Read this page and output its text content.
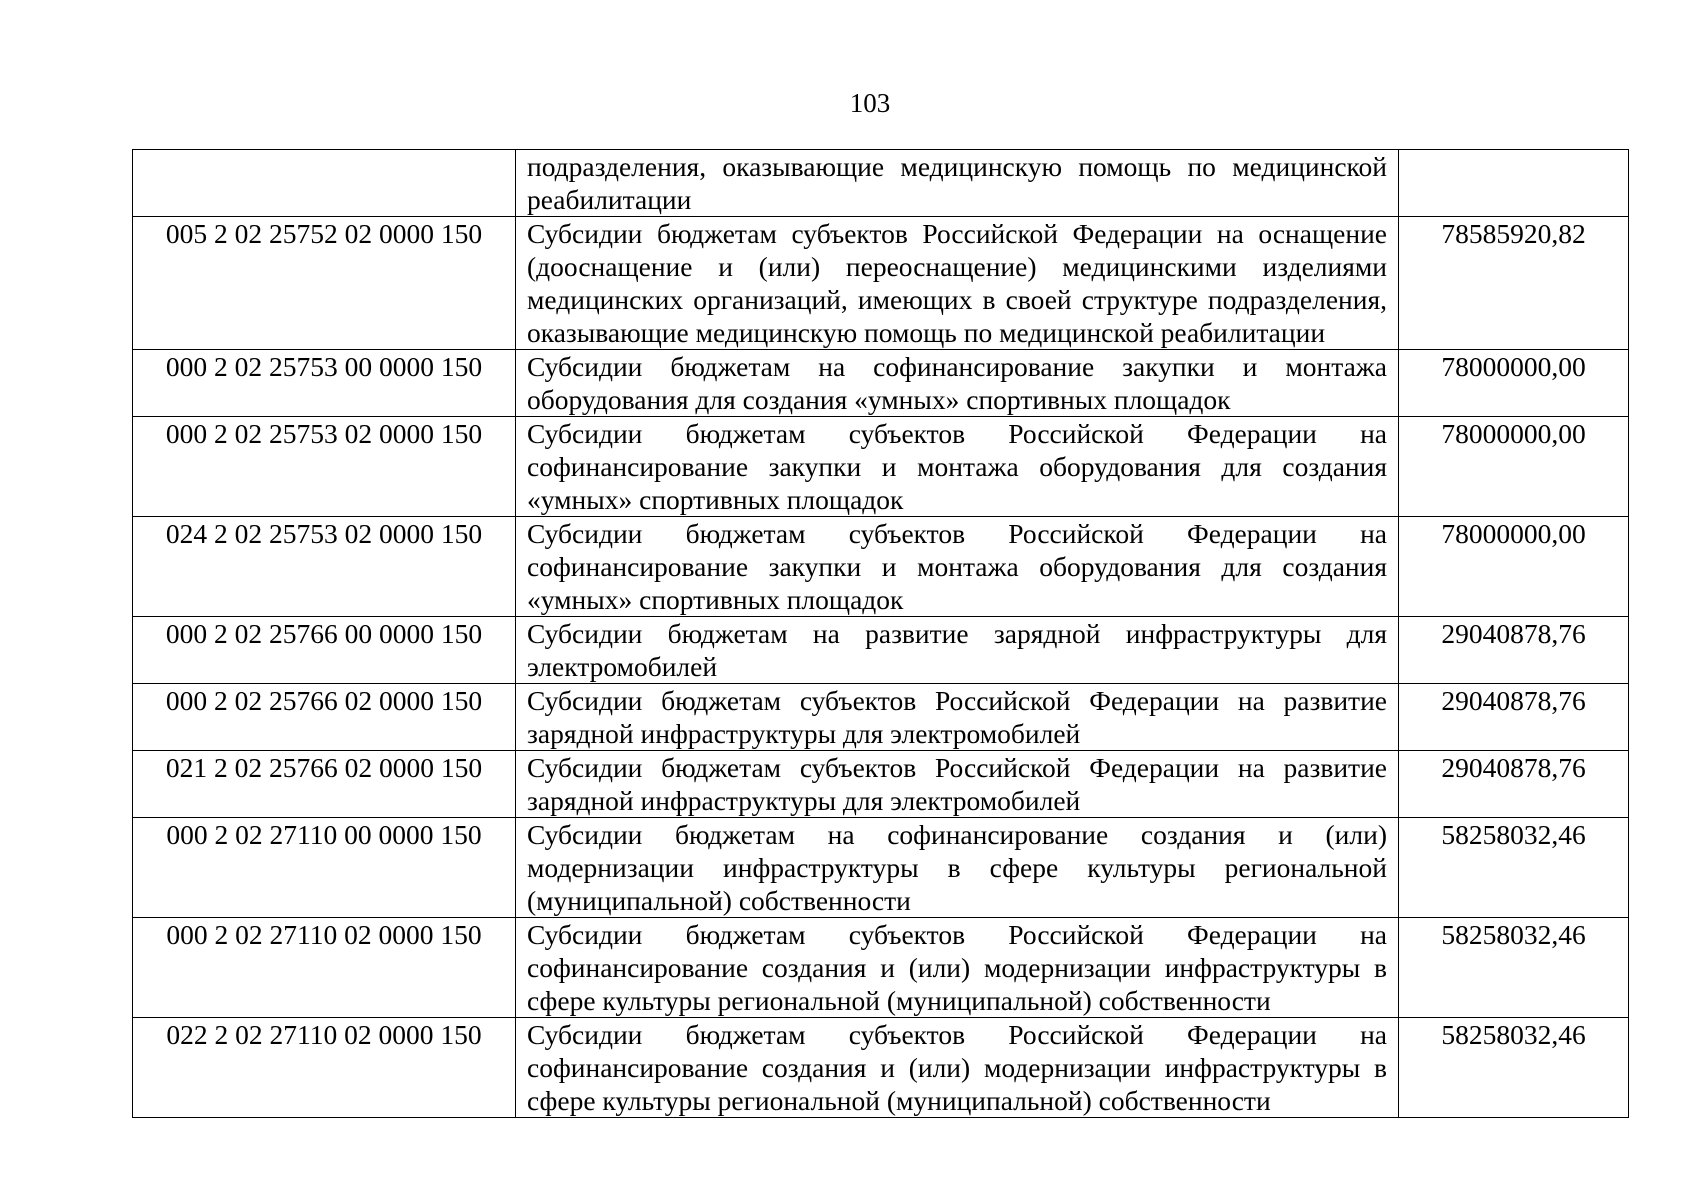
103
	подразделения, оказывающие медицинскую помощь по медицинской реабилитации	
005 2 02 25752 02 0000 150	Субсидии бюджетам субъектов Российской Федерации на оснащение (дооснащение и (или) переоснащение) медицинскими изделиями медицинских организаций, имеющих в своей структуре подразделения, оказывающие медицинскую помощь по медицинской реабилитации	78585920,82
000 2 02 25753 00 0000 150	Субсидии бюджетам на софинансирование закупки и монтажа оборудования для создания «умных» спортивных площадок	78000000,00
000 2 02 25753 02 0000 150	Субсидии бюджетам субъектов Российской Федерации на софинансирование закупки и монтажа оборудования для создания «умных» спортивных площадок	78000000,00
024 2 02 25753 02 0000 150	Субсидии бюджетам субъектов Российской Федерации на софинансирование закупки и монтажа оборудования для создания «умных» спортивных площадок	78000000,00
000 2 02 25766 00 0000 150	Субсидии бюджетам на развитие зарядной инфраструктуры для электромобилей	29040878,76
000 2 02 25766 02 0000 150	Субсидии бюджетам субъектов Российской Федерации на развитие зарядной инфраструктуры для электромобилей	29040878,76
021 2 02 25766 02 0000 150	Субсидии бюджетам субъектов Российской Федерации на развитие зарядной инфраструктуры для электромобилей	29040878,76
000 2 02 27110 00 0000 150	Субсидии бюджетам на софинансирование создания и (или) модернизации инфраструктуры в сфере культуры региональной (муниципальной) собственности	58258032,46
000 2 02 27110 02 0000 150	Субсидии бюджетам субъектов Российской Федерации на софинансирование создания и (или) модернизации инфраструктуры в сфере культуры региональной (муниципальной) собственности	58258032,46
022 2 02 27110 02 0000 150	Субсидии бюджетам субъектов Российской Федерации на софинансирование создания и (или) модернизации инфраструктуры в сфере культуры региональной (муниципальной) собственности	58258032,46
